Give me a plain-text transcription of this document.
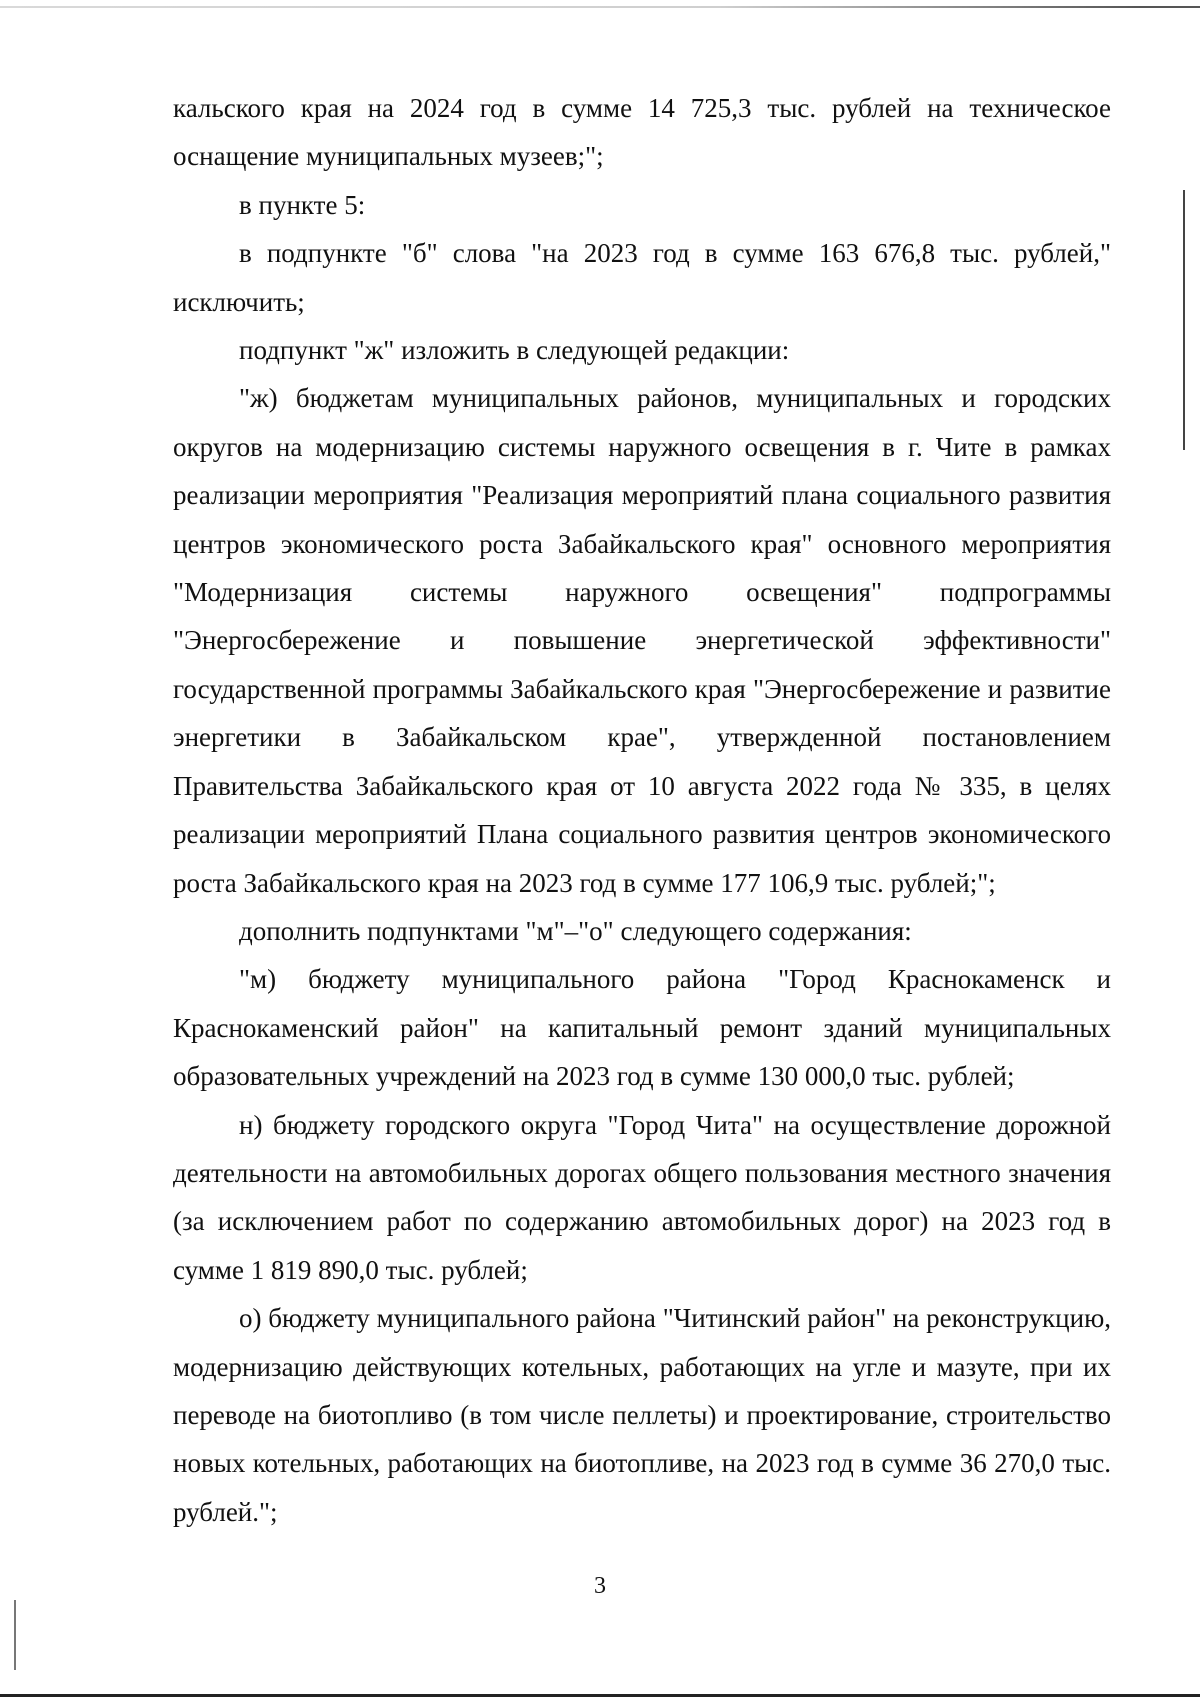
кальского края на 2024 год в сумме 14 725,3 тыс. рублей на техническое оснащение муниципальных музеев;";

в пункте 5:

в подпункте "б" слова "на 2023 год в сумме 163 676,8 тыс. рублей," исключить;

подпункт "ж" изложить в следующей редакции:

"ж) бюджетам муниципальных районов, муниципальных и городских округов на модернизацию системы наружного освещения в г. Чите в рамках реализации мероприятия "Реализация мероприятий плана социального развития центров экономического роста Забайкальского края" основного мероприятия "Модернизация системы наружного освещения" подпрограммы "Энергосбережение и повышение энергетической эффективности" государственной программы Забайкальского края "Энергосбережение и развитие энергетики в Забайкальском крае", утвержденной постановлением Правительства Забайкальского края от 10 августа 2022 года № 335, в целях реализации мероприятий Плана социального развития центров экономического роста Забайкальского края на 2023 год в сумме 177 106,9 тыс. рублей;";

дополнить подпунктами "м"–"о" следующего содержания:

"м) бюджету муниципального района "Город Краснокаменск и Краснокаменский район" на капитальный ремонт зданий муниципальных образовательных учреждений на 2023 год в сумме 130 000,0 тыс. рублей;

н) бюджету городского округа "Город Чита" на осуществление дорожной деятельности на автомобильных дорогах общего пользования местного значения (за исключением работ по содержанию автомобильных дорог) на 2023 год в сумме 1 819 890,0 тыс. рублей;

о) бюджету муниципального района "Читинский район" на реконструкцию, модернизацию действующих котельных, работающих на угле и мазуте, при их переводе на биотопливо (в том числе пеллеты) и проектирование, строительство новых котельных, работающих на биотопливе, на 2023 год в сумме 36 270,0 тыс. рублей.";

3
